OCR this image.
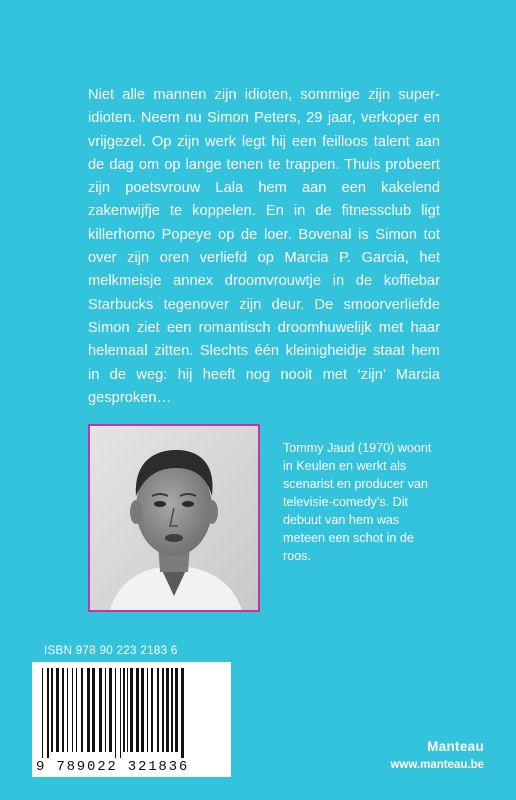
Niet alle mannen zijn idioten, sommige zijn super-idioten. Neem nu Simon Peters, 29 jaar, verkoper en vrijgezel. Op zijn werk legt hij een feilloos talent aan de dag om op lange tenen te trappen. Thuis probeert zijn poetsvrouw Lala hem aan een kakelend zakenwijfje te koppelen. En in de fitnessclub ligt killerhomo Popeye op de loer. Bovenal is Simon tot over zijn oren verliefd op Marcia P. Garcia, het melkmeisje annex droomvrouwtje in de koffiebar Starbucks tegenover zijn deur. De smoorverliefde Simon ziet een romantisch droomhuwelijk met haar helemaal zitten. Slechts één kleinigheidje staat hem in de weg: hij heeft nog nooit met ‘zijn’ Marcia gesproken…

Tommy Jaud (1970) woont in Keulen en werkt als scenarist en producer van televisie-comedy’s. Dit debuut van hem was meteen een schot in de roos.

ISBN 978 90 223 2183 6
9 789022 321836
Manteau
www.manteau.be
